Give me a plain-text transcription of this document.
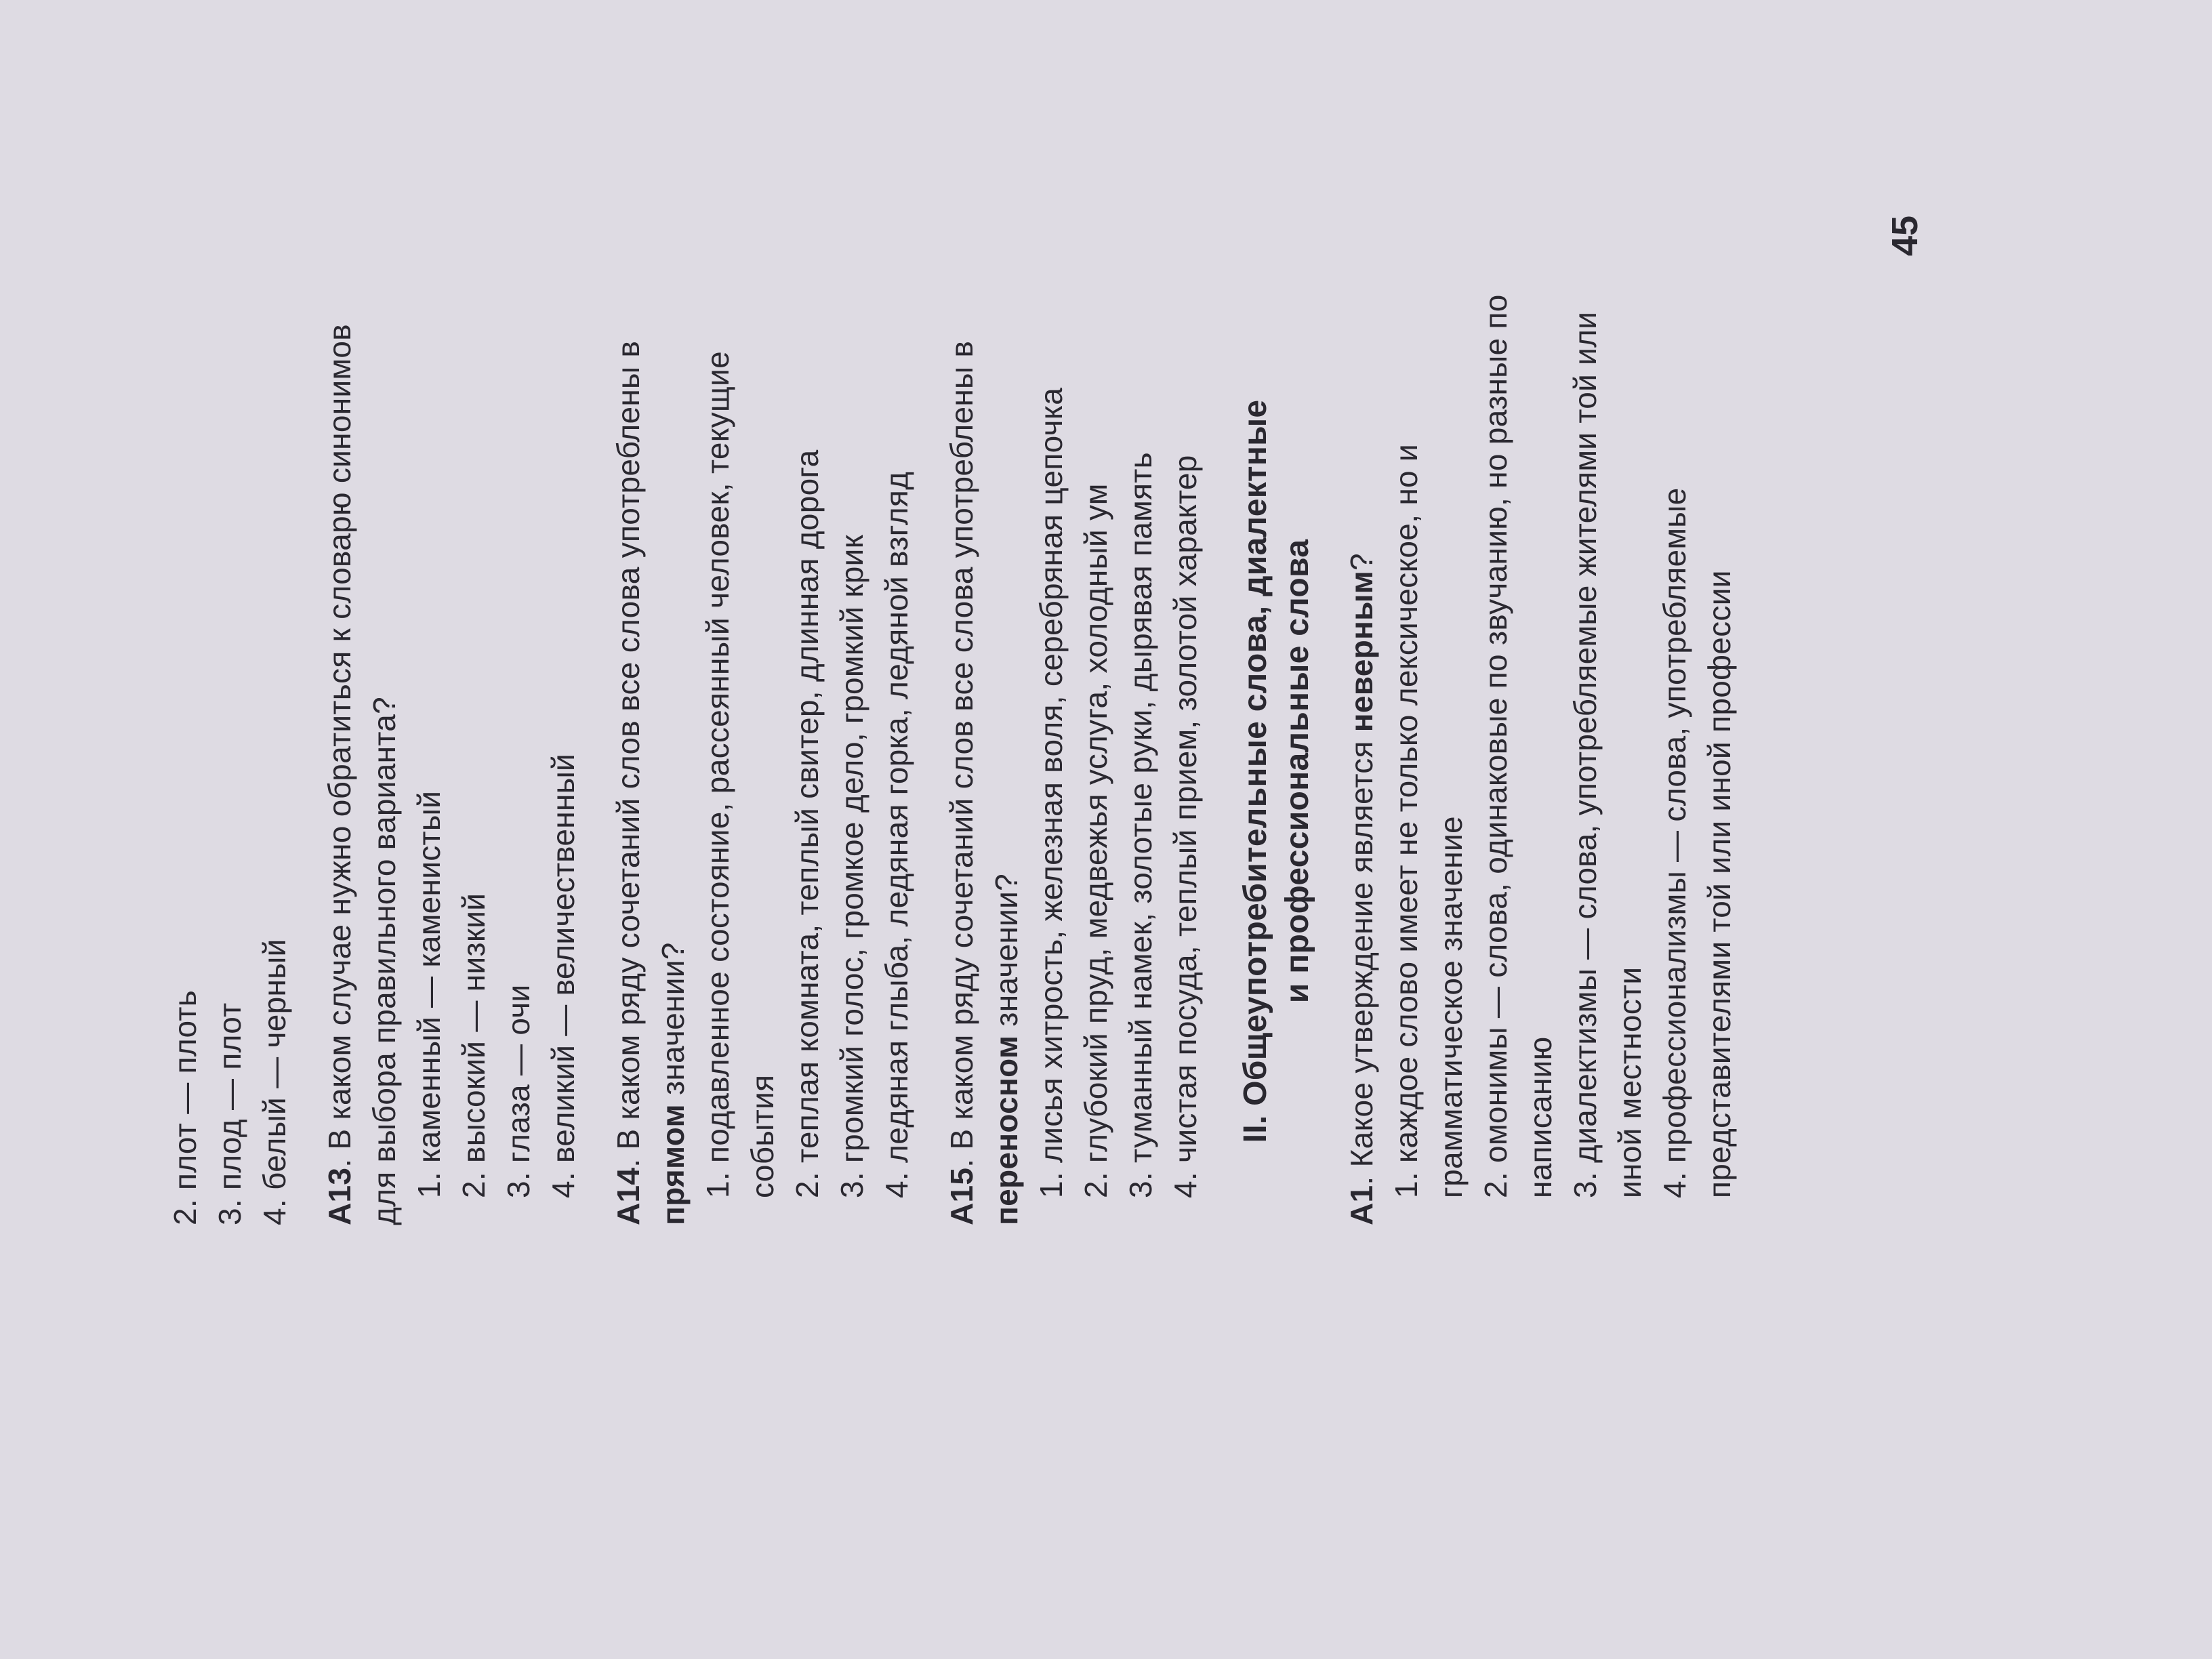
2. плот — плоть
3. плод — плот
4. белый — черный
А13. В каком случае нужно обратиться к словарю синонимов для выбора правильного варианта? 1. каменный — каменистый
2. высокий — низкий
3. глаза — очи
4. великий — величественный
А14. В каком ряду сочетаний слов все слова употреблены в прямом значении?
1. подавленное состояние, рассеянный человек, текущие события 2. теплая комната, теплый свитер, длинная дорога
3. громкий голос, громкое дело, громкий крик
4. ледяная глыба, ледяная горка, ледяной взгляд
А15. В каком ряду сочетаний слов все слова употреблены в переносном значении?
1. лисья хитрость, железная воля, серебряная цепочка
2. глубокий пруд, медвежья услуга, холодный ум
3. туманный намек, золотые руки, дырявая память
4. чистая посуда, теплый прием, золотой характер II. Общеупотребительные слова, диалектные и профессиональные слова
А1. Какое утверждение является неверным?
1. каждое слово имеет не только лексическое, но и грамматическое значение 2. омонимы — слова, одинаковые по звучанию, но разные по написанию 3. диалектизмы — слова, употребляемые жителями той или иной местности 4. профессионализмы — слова, употребляемые представителями той или иной профессии
45
